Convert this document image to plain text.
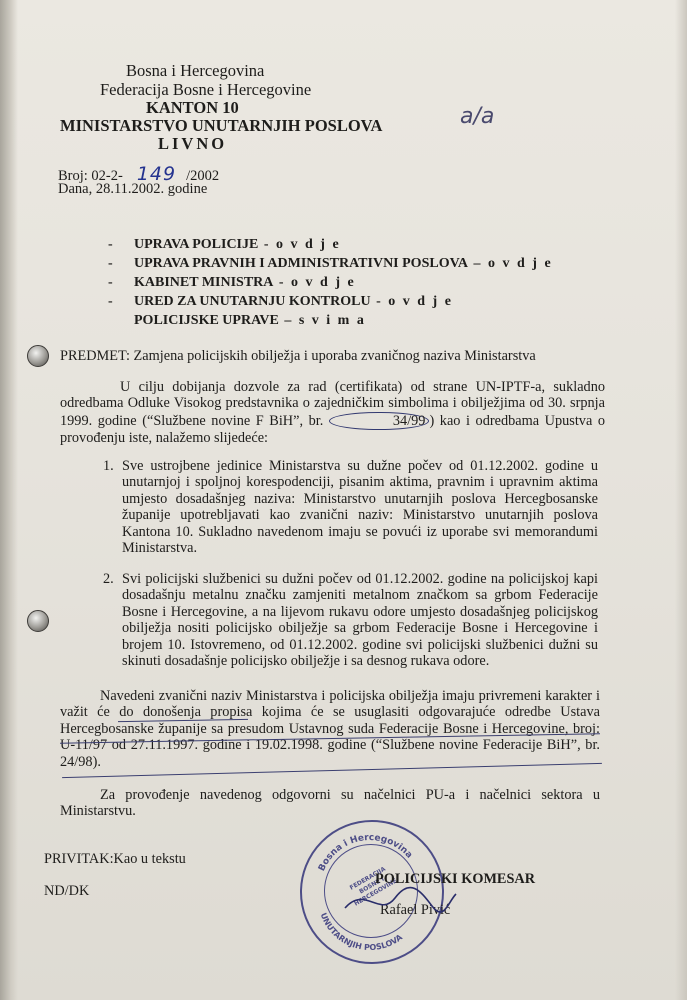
Bosna i Hercegovina
Federacija Bosne i Hercegovine
KANTON 10
MINISTARSTVO UNUTARNJIH POSLOVA
LIVNO
a/a
Broj: 02-2- 149 /2002
Dana, 28.11.2002. godine
- UPRAVA POLICIJE - o v d j e
- UPRAVA PRAVNIH I ADMINISTRATIVNI POSLOVA – o v d j e
- KABINET MINISTRA - o v d j e
- URED ZA UNUTARNJU KONTROLU - o v d j e
POLICIJSKE UPRAVE – s v i m a
PREDMET: Zamjena policijskih obilježja i uporaba zvaničnog naziva Ministarstva
U cilju dobijanja dozvole za rad (certifikata) od strane UN-IPTF-a, sukladno odredbama Odluke Visokog predstavnika o zajedničkim simbolima i obilježjima od 30. srpnja 1999. godine (“Službene novine F BiH”, br.	34/99 ) kao i odredbama Upustva o provođenju iste, nalažemo slijedeće:
1. Sve ustrojbene jedinice Ministarstva su dužne počev od 01.12.2002. godine u unutarnjoj i spoljnoj korespodenciji, pisanim aktima, pravnim i upravnim aktima umjesto dosadašnjeg naziva: Ministarstvo unutarnjih poslova Hercegbosanske županije upotrebljavati kao zvanični naziv: Ministarstvo unutarnjih poslova Kantona 10. Sukladno navedenom imaju se povući iz uporabe svi memorandumi Ministarstva.
2. Svi policijski službenici su dužni počev od 01.12.2002. godine na policijskoj kapi dosadašnju metalnu značku zamjeniti metalnom značkom sa grbom Federacije Bosne i Hercegovine, a na lijevom rukavu odore umjesto dosadašnjeg policijskog obilježja nositi policijsko obilježje sa grbom Federacije Bosne i Hercegovine i brojem 10. Istovremeno, od 01.12.2002. godine svi policijski službenici dužni su skinuti dosadašnje policijsko obilježje i sa desnog rukava odore.
Navedeni zvanični naziv Ministarstva i policijska obilježja imaju privremeni karakter i važit će do donošenja propisa kojima će se usuglasiti odgovarajuće odredbe Ustava Hercegbosanske županije sa presudom Ustavnog suda Federacije Bosne i Hercegovine, broj: U-11/97 od 27.11.1997. godine i 19.02.1998. godine (“Službene novine Federacije BiH”, br. 24/98).
Za provođenje navedenog odgovorni su načelnici PU-a i načelnici sektora u Ministarstvu.
PRIVITAK:Kao u tekstu
ND/DK
Bosna i Hercegovina
UNUTARNJIH POSLOVA
FEDERACIJA BOSNE I HERCEGOVINE
POLICIJSKI KOMESAR
Rafael Pivić
